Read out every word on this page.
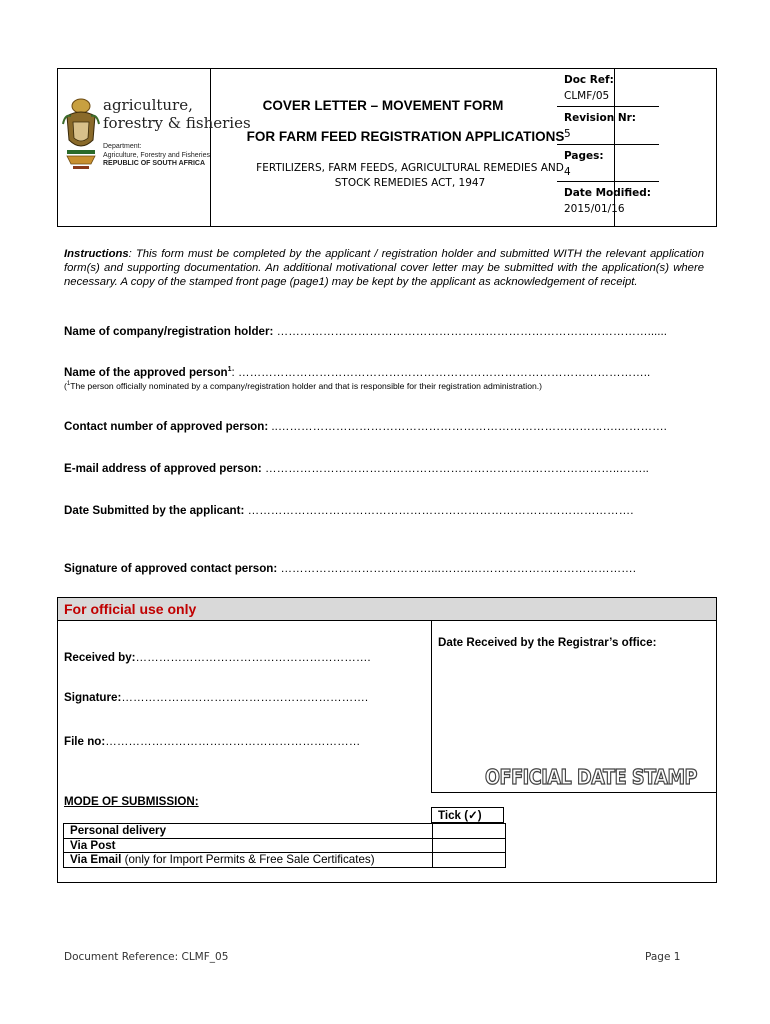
Doc Ref:
CLMF/05
Revision Nr:
5
Pages:
4
Date Modified:
2015/01/16
agriculture,
forestry & fisheries
Department:
Agriculture, Forestry and Fisheries
REPUBLIC OF SOUTH AFRICA
COVER LETTER – MOVEMENT FORM
FOR FARM FEED REGISTRATION APPLICATIONS
FERTILIZERS, FARM FEEDS, AGRICULTURAL REMEDIES AND
STOCK REMEDIES ACT, 1947
Instructions: This form must be completed by the applicant / registration holder and submitted WITH the relevant application form(s) and supporting documentation. An additional motivational cover letter may be submitted with the application(s) where necessary. A copy of the stamped front page (page1) may be kept by the applicant as acknowledgement of receipt.
Name of company/registration holder: ……………………………………………………………………………………......
Name of the approved person$^1$: ……………………………………………………………………………………………..
($^1$The person officially nominated by a company/registration holder and that is responsible for their registration administration.)
Contact number of approved person: ..…………………………………………………………………………….………….
E-mail address of approved person: ………………………………………………………………………………..……..
Date Submitted by the applicant: ……………………………………………………………………………………….
Signature of approved contact person: …………………………………...……..…………………………………….
For official use only
Received by:…………………………………………………….
Signature:……………………………………………………….
File no:…………………………………………………………
Date Received by the Registrar’s office:
OFFICIAL DATE STAMP
MODE OF SUBMISSION:
Tick (✓)
Personal delivery	
Via Post	
Via Email (only for Import Permits & Free Sale Certificates)	
Document Reference: CLMF_05	Page 1
